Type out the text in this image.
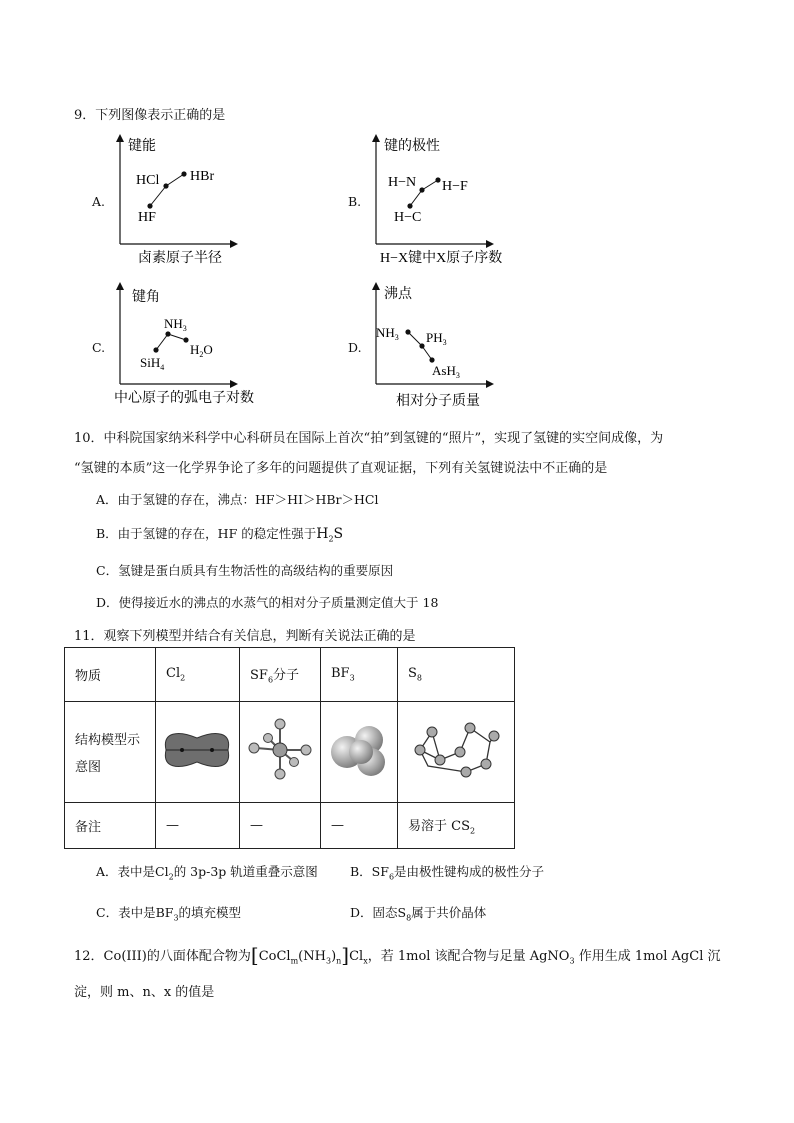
9．下列图像表示正确的是
A.
键能
卤素原子半径
HF
HCl HBr
B.
键的极性
H−X键中X原子序数
H−C
H−N H−F
C.
键角
中心原子的弧电子对数
SiH$_4$
$NH_3$
$H_2O$	D.
沸点
相对分子质量
$NH_3$ $PH_3$
AsH$_3$
10．中科院国家纳米科学中心科研员在国际上首次“拍”到氢键的“照片”，实现了氢键的实空间成像，为
“氢键的本质”这一化学界争论了多年的问题提供了直观证据，下列有关氢键说法中不正确的是
A．由于氢键的存在，沸点：HF＞HI＞HBr＞HCl
B．由于氢键的存在，HF 的稳定性强于$H_2S$
C．氢键是蛋白质具有生物活性的高级结构的重要原因
D．使得接近水的沸点的水蒸气的相对分子质量测定值大于 18
11．观察下列模型并结合有关信息，判断有关说法正确的是
物质	$Cl_2$	$SF_6$分子	$BF_3$	$S_8$

结构模型示
意图

备注	—	—	—	易溶于 $CS_2$
A．表中是$Cl_2$的 3p-3p 轨道重叠示意图	B．$SF_6$是由极性键构成的极性分子
C．表中是$BF_3$的填充模型	D．固态$S_8$属于共价晶体
12．Co(III)的八面体配合物为$[CoCl_m(NH_3)_n]Cl_x$，若 1mol 该配合物与足量 AgNO$_3$ 作用生成 1mol AgCl 沉
淀，则 m、n、x 的值是
